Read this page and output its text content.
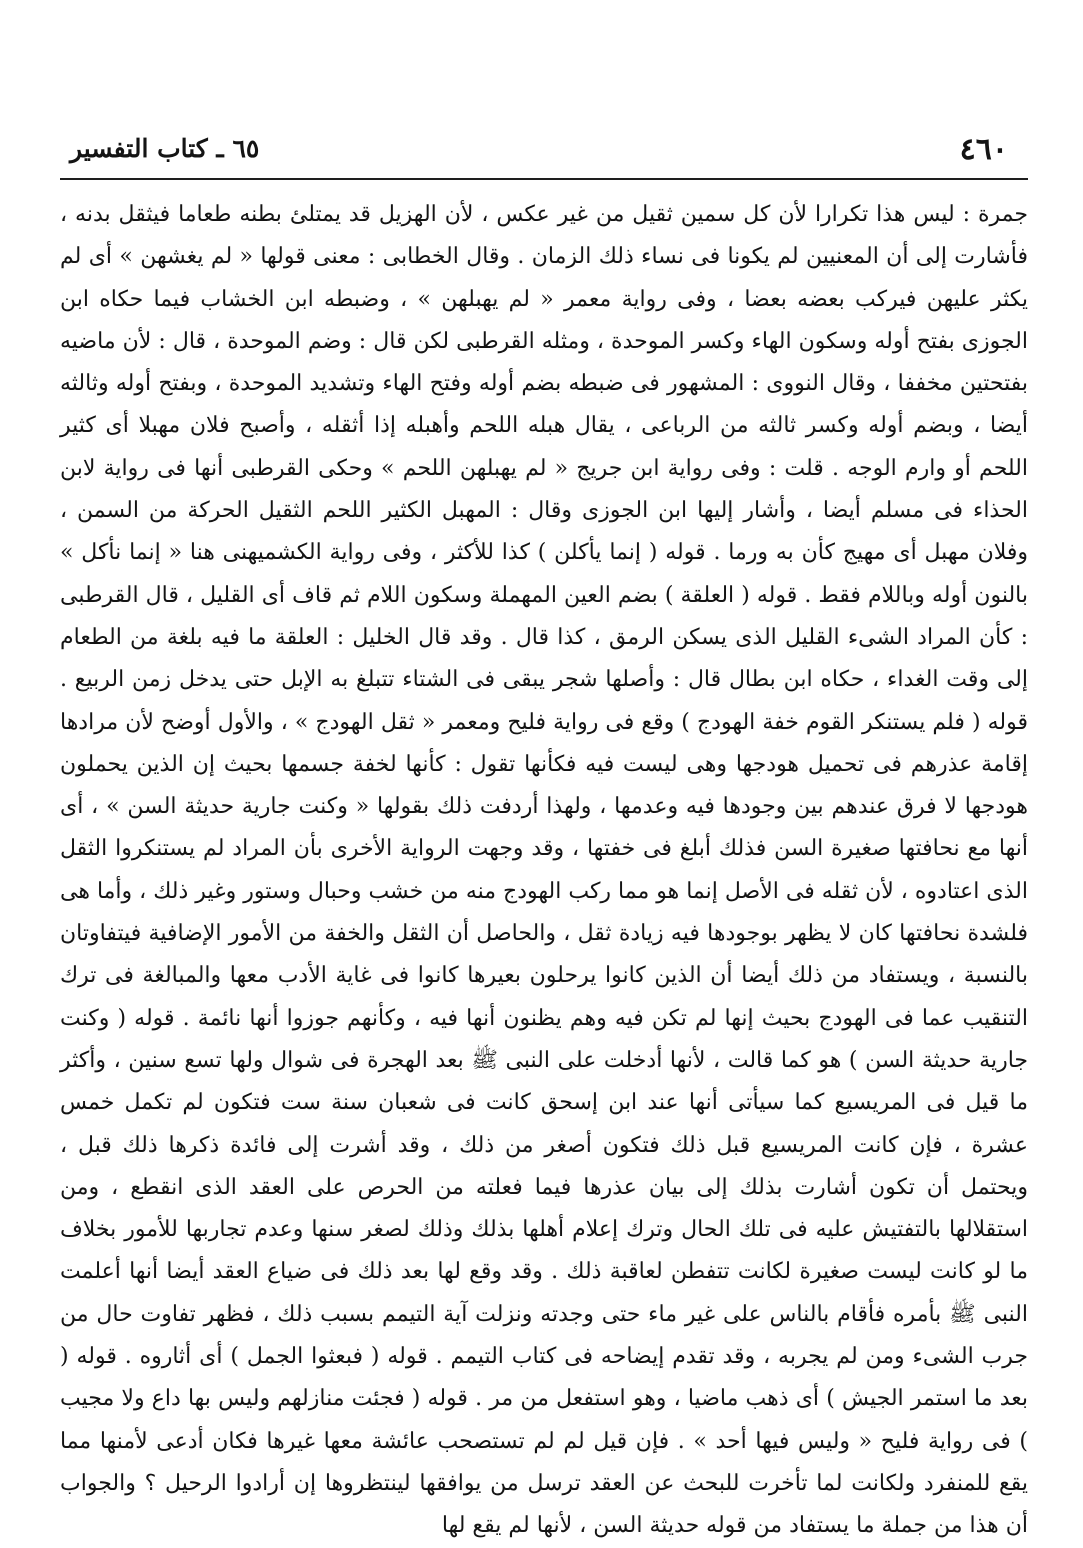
٤٦٠
٦٥ ـ كتاب التفسير

جمرة : ليس هذا تكرارا لأن كل سمين ثقيل من غير عكس ، لأن الهزيل قد يمتلئ بطنه طعاما فيثقل بدنه ، فأشارت إلى أن المعنيين لم يكونا فى نساء ذلك الزمان . وقال الخطابى : معنى قولها « لم يغشهن » أى لم يكثر عليهن فيركب بعضه بعضا ، وفى رواية معمر « لم يهبلهن » ، وضبطه ابن الخشاب فيما حكاه ابن الجوزى بفتح أوله وسكون الهاء وكسر الموحدة ، ومثله القرطبى لكن قال : وضم الموحدة ، قال : لأن ماضيه بفتحتين مخففا ، وقال النووى : المشهور فى ضبطه بضم أوله وفتح الهاء وتشديد الموحدة ، وبفتح أوله وثالثه أيضا ، وبضم أوله وكسر ثالثه من الرباعى ، يقال هبله اللحم وأهبله إذا أثقله ، وأصبح فلان مهبلا أى كثير اللحم أو وارم الوجه . قلت : وفى رواية ابن جريج « لم يهبلهن اللحم » وحكى القرطبى أنها فى رواية لابن الحذاء فى مسلم أيضا ، وأشار إليها ابن الجوزى وقال : المهبل الكثير اللحم الثقيل الحركة من السمن ، وفلان مهبل أى مهيج كأن به ورما . قوله ( إنما يأكلن ) كذا للأكثر ، وفى رواية الكشميهنى هنا « إنما نأكل » بالنون أوله وباللام فقط . قوله ( العلقة ) بضم العين المهملة وسكون اللام ثم قاف أى القليل ، قال القرطبى : كأن المراد الشىء القليل الذى يسكن الرمق ، كذا قال . وقد قال الخليل : العلقة ما فيه بلغة من الطعام إلى وقت الغداء ، حكاه ابن بطال قال : وأصلها شجر يبقى فى الشتاء تتبلغ به الإبل حتى يدخل زمن الربيع . قوله ( فلم يستنكر القوم خفة الهودج ) وقع فى رواية فليح ومعمر « ثقل الهودج » ، والأول أوضح لأن مرادها إقامة عذرهم فى تحميل هودجها وهى ليست فيه فكأنها تقول : كأنها لخفة جسمها بحيث إن الذين يحملون هودجها لا فرق عندهم بين وجودها فيه وعدمها ، ولهذا أردفت ذلك بقولها « وكنت جارية حديثة السن » ، أى أنها مع نحافتها صغيرة السن فذلك أبلغ فى خفتها ، وقد وجهت الرواية الأخرى بأن المراد لم يستنكروا الثقل الذى اعتادوه ، لأن ثقله فى الأصل إنما هو مما ركب الهودج منه من خشب وحبال وستور وغير ذلك ، وأما هى فلشدة نحافتها كان لا يظهر بوجودها فيه زيادة ثقل ، والحاصل أن الثقل والخفة من الأمور الإضافية فيتفاوتان بالنسبة ، ويستفاد من ذلك أيضا أن الذين كانوا يرحلون بعيرها كانوا فى غاية الأدب معها والمبالغة فى ترك التنقيب عما فى الهودج بحيث إنها لم تكن فيه وهم يظنون أنها فيه ، وكأنهم جوزوا أنها نائمة . قوله ( وكنت جارية حديثة السن ) هو كما قالت ، لأنها أدخلت على النبى ﷺ بعد الهجرة فى شوال ولها تسع سنين ، وأكثر ما قيل فى المريسيع كما سيأتى أنها عند ابن إسحق كانت فى شعبان سنة ست فتكون لم تكمل خمس عشرة ، فإن كانت المريسيع قبل ذلك فتكون أصغر من ذلك ، وقد أشرت إلى فائدة ذكرها ذلك قبل ، ويحتمل أن تكون أشارت بذلك إلى بيان عذرها فيما فعلته من الحرص على العقد الذى انقطع ، ومن استقلالها بالتفتيش عليه فى تلك الحال وترك إعلام أهلها بذلك وذلك لصغر سنها وعدم تجاربها للأمور بخلاف ما لو كانت ليست صغيرة لكانت تتفطن لعاقبة ذلك . وقد وقع لها بعد ذلك فى ضياع العقد أيضا أنها أعلمت النبى ﷺ بأمره فأقام بالناس على غير ماء حتى وجدته ونزلت آية التيمم بسبب ذلك ، فظهر تفاوت حال من جرب الشىء ومن لم يجربه ، وقد تقدم إيضاحه فى كتاب التيمم . قوله ( فبعثوا الجمل ) أى أثاروه . قوله ( بعد ما استمر الجيش ) أى ذهب ماضيا ، وهو استفعل من مر . قوله ( فجئت منازلهم وليس بها داع ولا مجيب ) فى رواية فليح « وليس فيها أحد » . فإن قيل لم لم تستصحب عائشة معها غيرها فكان أدعى لأمنها مما يقع للمنفرد ولكانت لما تأخرت للبحث عن العقد ترسل من يوافقها لينتظروها إن أرادوا الرحيل ؟ والجواب أن هذا من جملة ما يستفاد من قوله حديثة السن ، لأنها لم يقع لها
